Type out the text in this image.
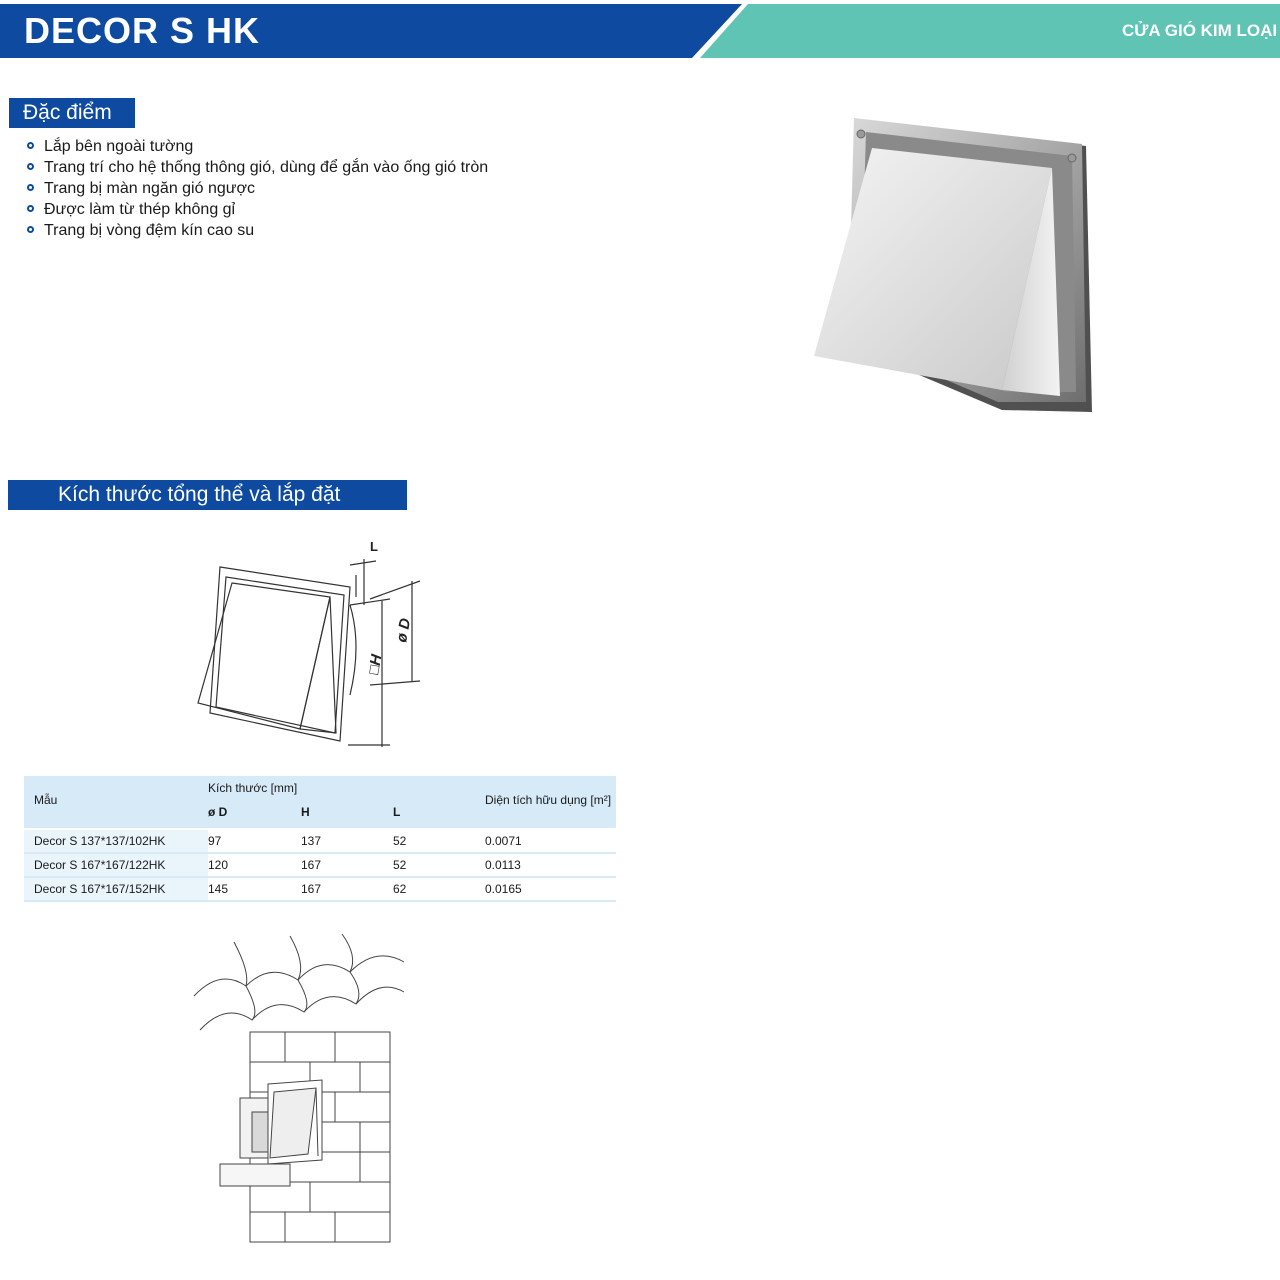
DECOR S HK	CỬA GIÓ KIM LOẠI
Đặc điểm
Lắp bên ngoài tường
Trang trí cho hệ thống thông gió, dùng để gắn vào ống gió tròn
Trang bị màn ngăn gió ngược
Được làm từ thép không gỉ
Trang bị vòng đệm kín cao su
Kích thước tổng thể và lắp đặt
L
ø D
□H
Mẫu
Kích thước [mm]
ø D	H	L
Diện tích hữu dụng [m²]
Decor S 137*137/102HK	97	137	52	0.0071
Decor S 167*167/122HK	120	167	52	0.0113
Decor S 167*167/152HK	145	167	62	0.0165
